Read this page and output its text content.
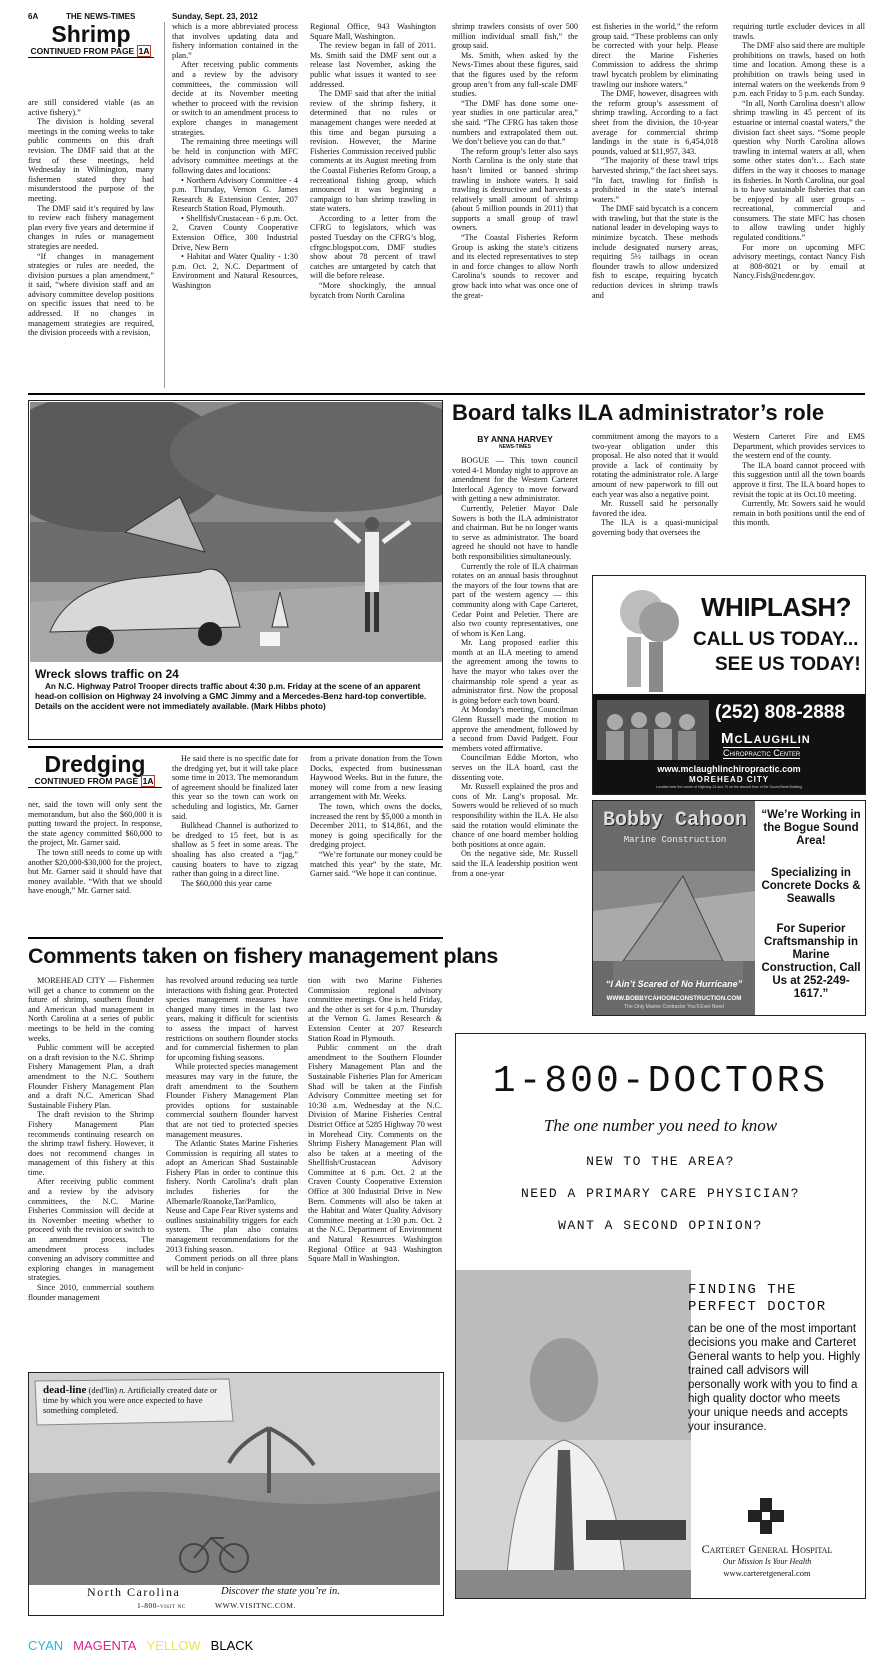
6A	THE NEWS-TIMES	Sunday, Sept. 23, 2012
Shrimp
CONTINUED FROM PAGE 1A

are still considered viable (as an active fishery).”

The division is holding several meetings in the coming weeks to take public comments on this draft revision. The DMF said that at the first of these meetings, held Wednesday in Wilmington, many fishermen stated they had misunderstood the purpose of the meeting.

The DMF said it’s required by law to review each fishery management plan every five years and determine if changes in rules or management strategies are needed.

“If changes in management strategies or rules are needed, the division pursues a plan amendment,” it said, “where division staff and an advisory committee develop positions on specific issues that need to be addressed. If no changes in management strategies are required, the division proceeds with a revision,

which is a more abbreviated process that involves updating data and fishery information contained in the plan.”

After receiving public comments and a review by the advisory committees, the commission will decide at its November meeting whether to proceed with the revision or switch to an amendment process to explore changes in management strategies.

The remaining three meetings will be held in conjunction with MFC advisory committee meetings at the following dates and locations:

• Northern Advisory Committee - 4 p.m. Thursday, Vernon G. James Research & Extension Center, 207 Research Station Road, Plymouth.

• Shellfish/Crustacean - 6 p.m. Oct. 2, Craven County Cooperative Extension Office, 300 Industrial Drive, New Bern

• Habitat and Water Quality - 1:30 p.m. Oct. 2, N.C. Department of Environment and Natural Resources, Washington

Regional Office, 943 Washington Square Mall, Washington.

The review began in fall of 2011. Ms. Smith said the DMF sent out a release last November, asking the public what issues it wanted to see addressed.

The DMF said that after the initial review of the shrimp fishery, it determined that no rules or management changes were needed at this time and began pursuing a revision. However, the Marine Fisheries Commission received public comments at its August meeting from the Coastal Fisheries Reform Group, a recreational fishing group, which announced it was beginning a campaign to ban shrimp trawling in state waters.

According to a letter from the CFRG to legislators, which was posted Tuesday on the CFRG’s blog, cfrgnc.blogspot.com, DMF studies show about 78 percent of trawl catches are untargeted by catch that will die before release.

“More shockingly, the annual bycatch from North Carolina

shrimp trawlers consists of over 500 million individual small fish,” the group said.

Ms. Smith, when asked by the News-Times about these figures, said that the figures used by the reform group aren’t from any full-scale DMF studies.

“The DMF has done some one-year studies in one particular area,” she said. “The CFRG has taken those numbers and extrapolated them out. We don’t believe you can do that.”

The reform group’s letter also says North Carolina is the only state that hasn’t limited or banned shrimp trawling in inshore waters. It said trawling is destructive and harvests a relatively small amount of shrimp (about 5 million pounds in 2011) that supports a small group of trawl owners.

“The Coastal Fisheries Reform Group is asking the state’s citizens and its elected representatives to step in and force changes to allow North Carolina’s sounds to recover and grow back into what was once one of the great-

est fisheries in the world,” the reform group said. “These problems can only be corrected with your help. Please direct the Marine Fisheries Commission to address the shrimp trawl bycatch problem by eliminating trawling our inshore waters.”

The DMF, however, disagrees with the reform group’s assessment of shrimp trawling. According to a fact sheet from the division, the 10-year average for commercial shrimp landings in the state is 6,454,018 pounds, valued at $11,957, 343.

“The majority of these trawl trips harvested shrimp,” the fact sheet says. “In fact, trawling for finfish is prohibited in the state’s internal waters.”

The DMF said bycatch is a concern with trawling, but that the state is the national leader in developing ways to minimize bycatch. These methods include designated nursery areas, requiring 5½ tailbags in ocean flounder trawls to allow undersized fish to escape, requiring bycatch reduction devices in shrimp trawls and

requiring turtle excluder devices in all trawls.

The DMF also said there are multiple prohibitions on trawls, based on both time and location. Among these is a prohibition on trawls being used in internal waters on the weekends from 9 p.m. each Friday to 5 p.m. each Sunday.

“In all, North Carolina doesn’t allow shrimp trawling in 45 percent of its estuarine or internal coastal waters,” the division fact sheet says. “Some people question why North Carolina allows trawling in internal waters at all, when some other states don’t… Each state differs in the way it chooses to manage its fisheries. In North Carolina, our goal is to have sustainable fisheries that can be enjoyed by all user groups – recreational, commercial and consumers. The state MFC has chosen to allow trawling under highly regulated conditions.”

For more on upcoming MFC advisory meetings, contact Nancy Fish at 808-8021 or by email at Nancy.Fish@ncdenr.gov.

Wreck slows traffic on 24
An N.C. Highway Patrol Trooper directs traffic about 4:30 p.m. Friday at the scene of an apparent head-on collision on Highway 24 involving a GMC Jimmy and a Mercedes-Benz hard-top convertible. Details on the accident were not immediately available. (Mark Hibbs photo)
Board talks ILA administrator’s role
BY ANNA HARVEY
NEWS-TIMES

BOGUE — This town council voted 4-1 Monday night to approve an amendment for the Western Carteret Interlocal Agency to move forward with getting a new administrator.

Currently, Peletier Mayor Dale Sowers is both the ILA administrator and chairman. But he no longer wants to serve as administrator. The board agreed he should not have to handle both responsibilities simultaneously.

Currently the role of ILA chairman rotates on an annual basis throughout the mayors of the four towns that are part of the western agency — this community along with Cape Carteret, Cedar Point and Peletier. There are also two county representatives, one of whom is Ken Lang.

Mr. Lang proposed earlier this month at an ILA meeting to amend the agreement among the towns to have the mayor who takes over the chairmanship role spend a year as administrator first. Now the proposal is going before each town board.

At Monday’s meeting, Councilman Glenn Russell made the motion to approve the amendment, followed by a second from David Padgett. Four members voted affirmative.

Councilman Eddie Morton, who serves on the ILA board, cast the dissenting vote.

Mr. Russell explained the pros and cons of Mr. Lang’s proposal. Mr. Sowers would be relieved of so much responsibility within the ILA. He also said the rotation would eliminate the chance of one board member holding both positions at once again.

On the negative side, Mr. Russell said the ILA leadership position went from a one-year

commitment among the mayors to a two-year obligation under this proposal. He also noted that it would provide a lack of continuity by rotating the administrator role. A large amount of new paperwork to fill out each year was also a negative point.

Mr. Russell said he personally favored the idea.

The ILA is a quasi-municipal governing body that oversees the

Western Carteret Fire and EMS Department, which provides services to the western end of the county.

The ILA board cannot proceed with this suggestion until all the town boards approve it first. The ILA board hopes to revisit the topic at its Oct.10 meeting.

Currently, Mr. Sowers said he would remain in both positions until the end of this month.

WHIPLASH?
CALL US TODAY...
SEE US TODAY!
(252) 808-2888
McLaughlin
Chiropractic Center
www.mclaughlinchiropractic.com
MOREHEAD CITY
Located near the corner of Highway 24 and 70 on the second floor of the Sound Bank Building
Bobby Cahoon
Marine Construction
“I Ain’t Scared of No Hurricane”
WWW.BOBBYCAHOONCONSTRUCTION.COM
The Only Marine Contractor You’ll Ever Need
“We’re Working in the Bogue Sound Area!
Specializing in Concrete Docks & Seawalls
For Superior Craftsmanship in Marine Construction, Call Us at 252-249-1617.”
Dredging
CONTINUED FROM PAGE 1A

ner, said the town will only sent the memorandum, but also the $60,000 it is putting toward the project. In response, the state agency committed $60,000 to the project, Mr. Garner said.

The town still needs to come up with another $20,000-$30,000 for the project, but Mr. Garner said it should have that money available. “With that we should have enough,” Mr. Garner said.

He said there is no specific date for the dredging yet, but it will take place some time in 2013. The memorandum of agreement should be finalized later this year so the town can work on scheduling and logistics, Mr. Garner said.

Bulkhead Channel is authorized to be dredged to 15 feet, but is as shallow as 5 feet in some areas. The shoaling has also created a “jag,” causing boaters to have to zigzag rather than going in a direct line.

The $60,000 this year came

from a private donation from the Town Docks, expected from businessman Haywood Weeks. But in the future, the money will come from a new leasing arrangement with Mr. Weeks.

The town, which owns the docks, increased the rent by $5,000 a month in December 2011, to $14,861, and the money is going specifically for the dredging project.

“We’re fortunate our money could be matched this year” by the state, Mr. Garner said. “We hope it can continue.

Comments taken on fishery management plans

MOREHEAD CITY — Fishermen will get a chance to comment on the future of shrimp, southern flounder and American shad management in North Carolina at a series of public meetings to be held in the coming weeks.

Public comment will be accepted on a draft revision to the N.C. Shrimp Fishery Management Plan, a draft amendment to the N.C. Southern Flounder Fishery Management Plan and a draft N.C. American Shad Sustainable Fishery Plan.

The draft revision to the Shrimp Fishery Management Plan recommends continuing research on the shrimp trawl fishery. However, it does not recommend changes in management of this fishery at this time.

After receiving public comment and a review by the advisory committees, the N.C. Marine Fisheries Commission will decide at its November meeting whether to proceed with the revision or switch to an amendment process. The amendment process includes convening an advisory committee and exploring changes in management strategies.

Since 2010, commercial southern flounder management

has revolved around reducing sea turtle interactions with fishing gear. Protected species management measures have changed many times in the last two years, making it difficult for scientists to assess the impact of harvest restrictions on southern flounder stocks and for commercial fishermen to plan for upcoming fishing seasons.

While protected species management measures may vary in the future, the draft amendment to the Southern Flounder Fishery Management Plan provides options for sustainable commercial southern flounder harvest that are not tied to protected species management measures.

The Atlantic States Marine Fisheries Commission is requiring all states to adopt an American Shad Sustainable Fishery Plan in order to continue this fishery. North Carolina’s draft plan includes fisheries for the Albemarle/Roanoke,Tar/Pamlico, Neuse and Cape Fear River systems and outlines sustainability triggers for each system. The plan also contains management recommendations for the 2013 fishing season.

Comment periods on all three plans will be held in conjunc-

tion with two Marine Fisheries Commission regional advisory committee meetings. One is held Friday, and the other is set for 4 p.m. Thursday at the Vernon G. James Research & Extension Center at 207 Research Station Road in Plymouth.

Public comment on the draft amendment to the Southern Flounder Fishery Management Plan and the Sustainable Fisheries Plan for American Shad will be taken at the Finfish Advisory Committee meeting set for 10:30 a.m. Wednesday at the N.C. Division of Marine Fisheries Central District Office at 5285 Highway 70 west in Morehead City. Comments on the Shrimp Fishery Management Plan will also be taken at a meeting of the Shellfish/Crustacean Advisory Committee at 6 p.m. Oct. 2 at the Craven County Cooperative Extension Office at 300 Industrial Drive in New Bern. Comments will also be taken at the Habitat and Water Quality Advisory Committee meeting at 1:30 p.m. Oct. 2 at the N.C. Department of Environment and Natural Resources Washington Regional Office at 943 Washington Square Mall in Washington.

dead-line (ded'lin) n. Artificially created date or time by which you were once expected to have something completed.
North Carolina	Discover the state you’re in.
1-800-visit nc	WWW.VISITNC.COM.
1-800-DOCTORS
The one number you need to know
NEW TO THE AREA?
NEED A PRIMARY CARE PHYSICIAN?
WANT A SECOND OPINION?
FINDING THE PERFECT DOCTOR
can be one of the most important decisions you make and Carteret General wants to help you. Highly trained call advisors will personally work with you to find a high quality doctor who meets your unique needs and accepts your insurance.
Carteret General Hospital
Our Mission Is Your Health
www.carteretgeneral.com
CYAN MAGENTA YELLOW BLACK
